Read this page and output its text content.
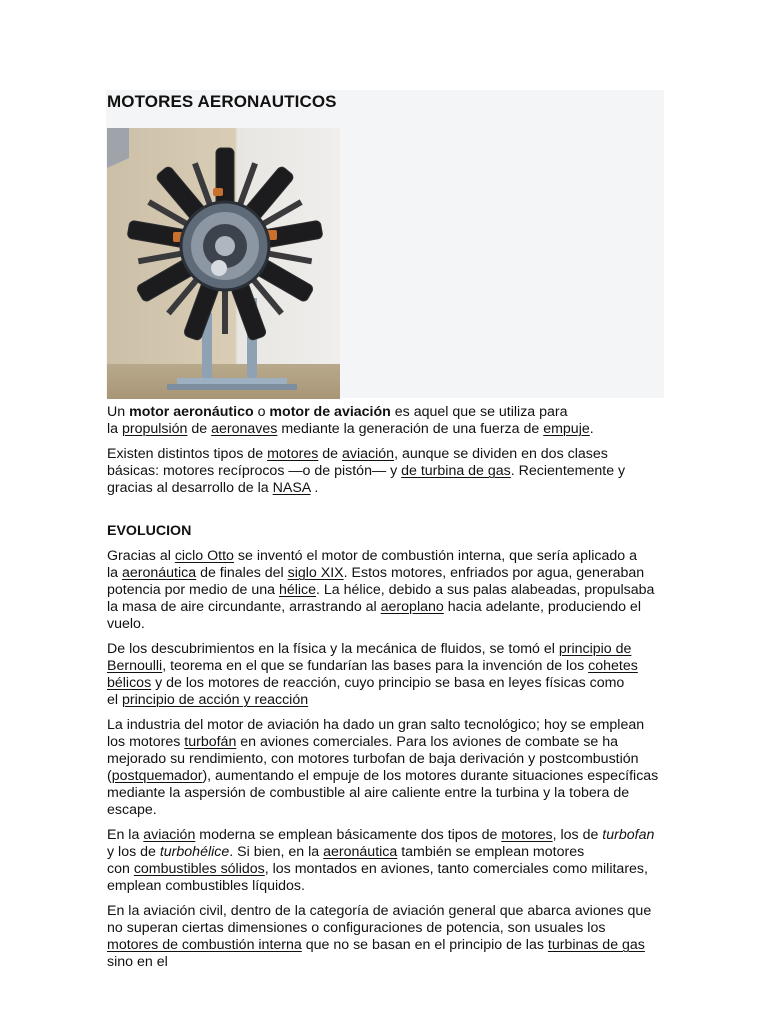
MOTORES AERONAUTICOS

Un motor aeronáutico o motor de aviación es aquel que se utiliza para
la propulsión de aeronaves mediante la generación de una fuerza de empuje.

Existen distintos tipos de motores de aviación, aunque se dividen en dos clases básicas: motores recíprocos —o de pistón— y de turbina de gas. Recientemente y gracias al desarrollo de la NASA .

EVOLUCION

Gracias al ciclo Otto se inventó el motor de combustión interna, que sería aplicado a
la aeronáutica de finales del siglo XIX. Estos motores, enfriados por agua, generaban potencia por medio de una hélice. La hélice, debido a sus palas alabeadas, propulsaba la masa de aire circundante, arrastrando al aeroplano hacia adelante, produciendo el vuelo.

De los descubrimientos en la física y la mecánica de fluidos, se tomó el principio de Bernoulli, teorema en el que se fundarían las bases para la invención de los cohetes bélicos y de los motores de reacción, cuyo principio se basa en leyes físicas como
el principio de acción y reacción

La industria del motor de aviación ha dado un gran salto tecnológico; hoy se emplean los motores turbofán en aviones comerciales. Para los aviones de combate se ha mejorado su rendimiento, con motores turbofan de baja derivación y postcombustión (postquemador), aumentando el empuje de los motores durante situaciones específicas mediante la aspersión de combustible al aire caliente entre la turbina y la tobera de escape.

En la aviación moderna se emplean básicamente dos tipos de motores, los de turbofan y los de turbohélice. Si bien, en la aeronáutica también se emplean motores
con combustibles sólidos, los montados en aviones, tanto comerciales como militares, emplean combustibles líquidos.

En la aviación civil, dentro de la categoría de aviación general que abarca aviones que no superan ciertas dimensiones o configuraciones de potencia, son usuales los motores de combustión interna que no se basan en el principio de las turbinas de gas sino en el
